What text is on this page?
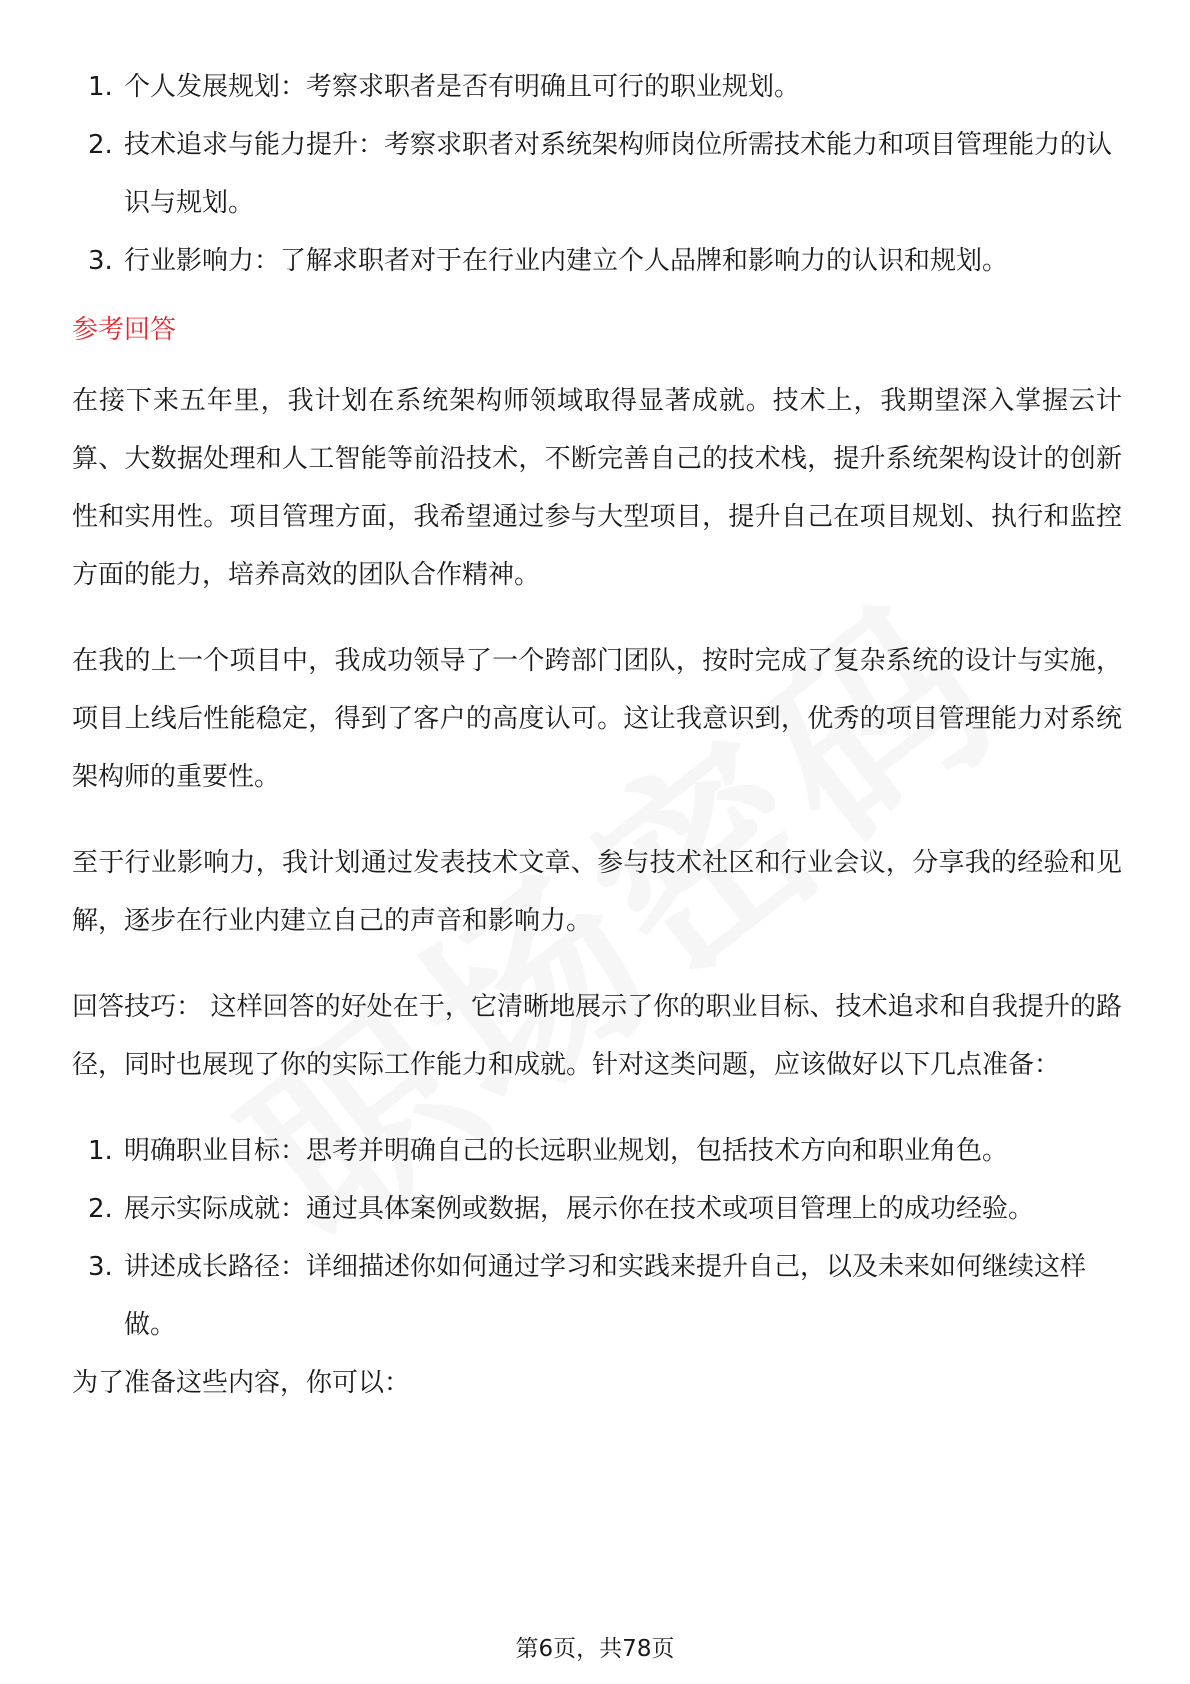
1. 个人发展规划：考察求职者是否有明确且可行的职业规划。
2. 技术追求与能力提升：考察求职者对系统架构师岗位所需技术能力和项目管理能力的认识与规划。
3. 行业影响力：了解求职者对于在行业内建立个人品牌和影响力的认识和规划。
参考回答

在接下来五年里，我计划在系统架构师领域取得显著成就。技术上，我期望深入掌握云计算、大数据处理和人工智能等前沿技术，不断完善自己的技术栈，提升系统架构设计的创新性和实用性。项目管理方面，我希望通过参与大型项目，提升自己在项目规划、执行和监控方面的能力，培养高效的团队合作精神。

在我的上一个项目中，我成功领导了一个跨部门团队，按时完成了复杂系统的设计与实施，项目上线后性能稳定，得到了客户的高度认可。这让我意识到，优秀的项目管理能力对系统架构师的重要性。

至于行业影响力，我计划通过发表技术文章、参与技术社区和行业会议，分享我的经验和见解，逐步在行业内建立自己的声音和影响力。

回答技巧： 这样回答的好处在于，它清晰地展示了你的职业目标、技术追求和自我提升的路径，同时也展现了你的实际工作能力和成就。针对这类问题，应该做好以下几点准备：

1. 明确职业目标：思考并明确自己的长远职业规划，包括技术方向和职业角色。
2. 展示实际成就：通过具体案例或数据，展示你在技术或项目管理上的成功经验。
3. 讲述成长路径：详细描述你如何通过学习和实践来提升自己，以及未来如何继续这样做。

为了准备这些内容，你可以：

第6页，共78页
